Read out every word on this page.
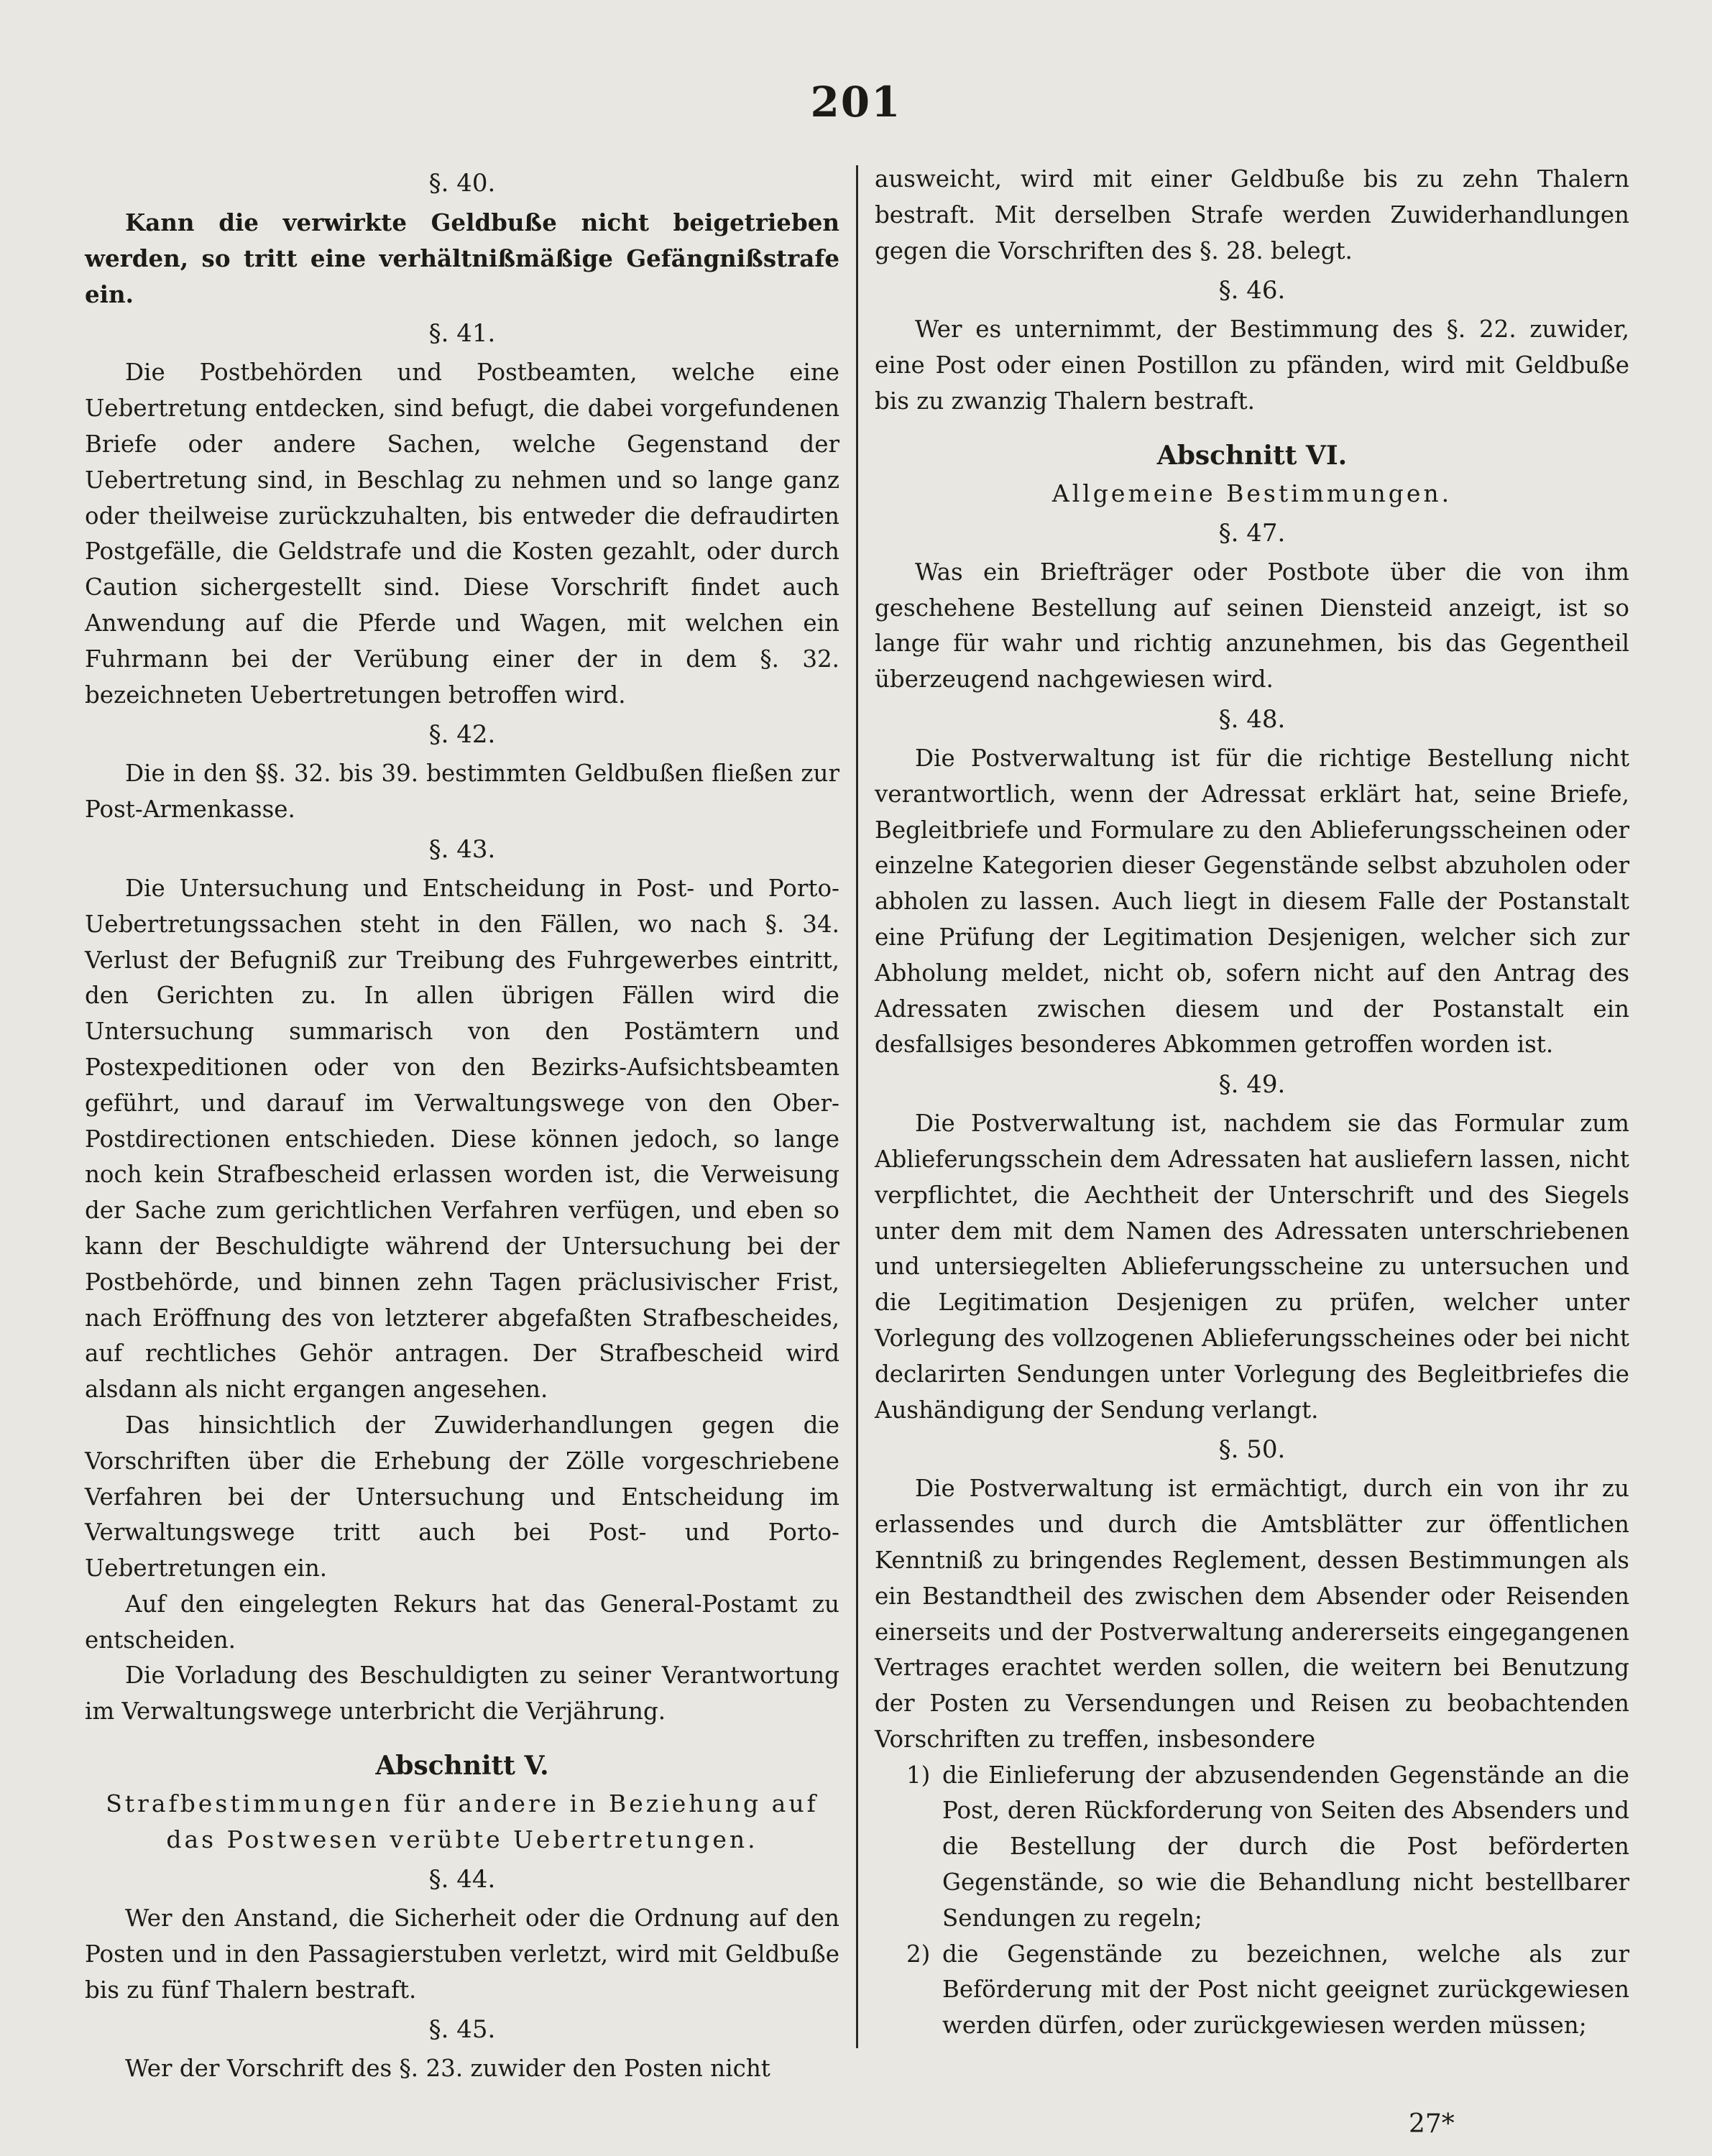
201
§. 40.

Kann die verwirkte Geldbuße nicht beigetrieben werden, so tritt eine verhältnißmäßige Gefängnißstrafe ein.

§. 41.

Die Postbehörden und Postbeamten, welche eine Uebertretung entdecken, sind befugt, die dabei vorgefundenen Briefe oder andere Sachen, welche Gegenstand der Uebertretung sind, in Beschlag zu nehmen und so lange ganz oder theilweise zurückzuhalten, bis entweder die defraudirten Postgefälle, die Geldstrafe und die Kosten gezahlt, oder durch Caution sichergestellt sind. Diese Vorschrift findet auch Anwendung auf die Pferde und Wagen, mit welchen ein Fuhrmann bei der Verübung einer der in dem §. 32. bezeichneten Uebertretungen betroffen wird.

§. 42.

Die in den §§. 32. bis 39. bestimmten Geldbußen fließen zur Post-Armenkasse.

§. 43.

Die Untersuchung und Entscheidung in Post- und Porto-Uebertretungssachen steht in den Fällen, wo nach §. 34. Verlust der Befugniß zur Treibung des Fuhrgewerbes eintritt, den Gerichten zu. In allen übrigen Fällen wird die Untersuchung summarisch von den Postämtern und Postexpeditionen oder von den Bezirks-Aufsichtsbeamten geführt, und darauf im Verwaltungswege von den Ober-Postdirectionen entschieden. Diese können jedoch, so lange noch kein Strafbescheid erlassen worden ist, die Verweisung der Sache zum gerichtlichen Verfahren verfügen, und eben so kann der Beschuldigte während der Untersuchung bei der Postbehörde, und binnen zehn Tagen präclusivischer Frist, nach Eröffnung des von letzterer abgefaßten Strafbescheides, auf rechtliches Gehör antragen. Der Strafbescheid wird alsdann als nicht ergangen angesehen.

Das hinsichtlich der Zuwiderhandlungen gegen die Vorschriften über die Erhebung der Zölle vorgeschriebene Verfahren bei der Untersuchung und Entscheidung im Verwaltungswege tritt auch bei Post- und Porto-Uebertretungen ein.

Auf den eingelegten Rekurs hat das General-Postamt zu entscheiden.

Die Vorladung des Beschuldigten zu seiner Verantwortung im Verwaltungswege unterbricht die Verjährung.

Abschnitt V.
Strafbestimmungen für andere in Beziehung auf das Postwesen verübte Uebertretungen.
§. 44.

Wer den Anstand, die Sicherheit oder die Ordnung auf den Posten und in den Passagierstuben verletzt, wird mit Geldbuße bis zu fünf Thalern bestraft.

§. 45.

Wer der Vorschrift des §. 23. zuwider den Posten nicht

ausweicht, wird mit einer Geldbuße bis zu zehn Thalern bestraft. Mit derselben Strafe werden Zuwiderhandlungen gegen die Vorschriften des §. 28. belegt.

§. 46.

Wer es unternimmt, der Bestimmung des §. 22. zuwider, eine Post oder einen Postillon zu pfänden, wird mit Geldbuße bis zu zwanzig Thalern bestraft.

Abschnitt VI.
Allgemeine Bestimmungen.
§. 47.

Was ein Briefträger oder Postbote über die von ihm geschehene Bestellung auf seinen Diensteid anzeigt, ist so lange für wahr und richtig anzunehmen, bis das Gegentheil überzeugend nachgewiesen wird.

§. 48.

Die Postverwaltung ist für die richtige Bestellung nicht verantwortlich, wenn der Adressat erklärt hat, seine Briefe, Begleitbriefe und Formulare zu den Ablieferungsscheinen oder einzelne Kategorien dieser Gegenstände selbst abzuholen oder abholen zu lassen. Auch liegt in diesem Falle der Postanstalt eine Prüfung der Legitimation Desjenigen, welcher sich zur Abholung meldet, nicht ob, sofern nicht auf den Antrag des Adressaten zwischen diesem und der Postanstalt ein desfallsiges besonderes Abkommen getroffen worden ist.

§. 49.

Die Postverwaltung ist, nachdem sie das Formular zum Ablieferungsschein dem Adressaten hat ausliefern lassen, nicht verpflichtet, die Aechtheit der Unterschrift und des Siegels unter dem mit dem Namen des Adressaten unterschriebenen und untersiegelten Ablieferungsscheine zu untersuchen und die Legitimation Desjenigen zu prüfen, welcher unter Vorlegung des vollzogenen Ablieferungsscheines oder bei nicht declarirten Sendungen unter Vorlegung des Begleitbriefes die Aushändigung der Sendung verlangt.

§. 50.

Die Postverwaltung ist ermächtigt, durch ein von ihr zu erlassendes und durch die Amtsblätter zur öffentlichen Kenntniß zu bringendes Reglement, dessen Bestimmungen als ein Bestandtheil des zwischen dem Absender oder Reisenden einerseits und der Postverwaltung andererseits eingegangenen Vertrages erachtet werden sollen, die weitern bei Benutzung der Posten zu Versendungen und Reisen zu beobachtenden Vorschriften zu treffen, insbesondere

1) die Einlieferung der abzusendenden Gegenstände an die Post, deren Rückforderung von Seiten des Absenders und die Bestellung der durch die Post beförderten Gegenstände, so wie die Behandlung nicht bestellbarer Sendungen zu regeln;
2) die Gegenstände zu bezeichnen, welche als zur Beförderung mit der Post nicht geeignet zurückgewiesen werden dürfen, oder zurückgewiesen werden müssen;
27*
